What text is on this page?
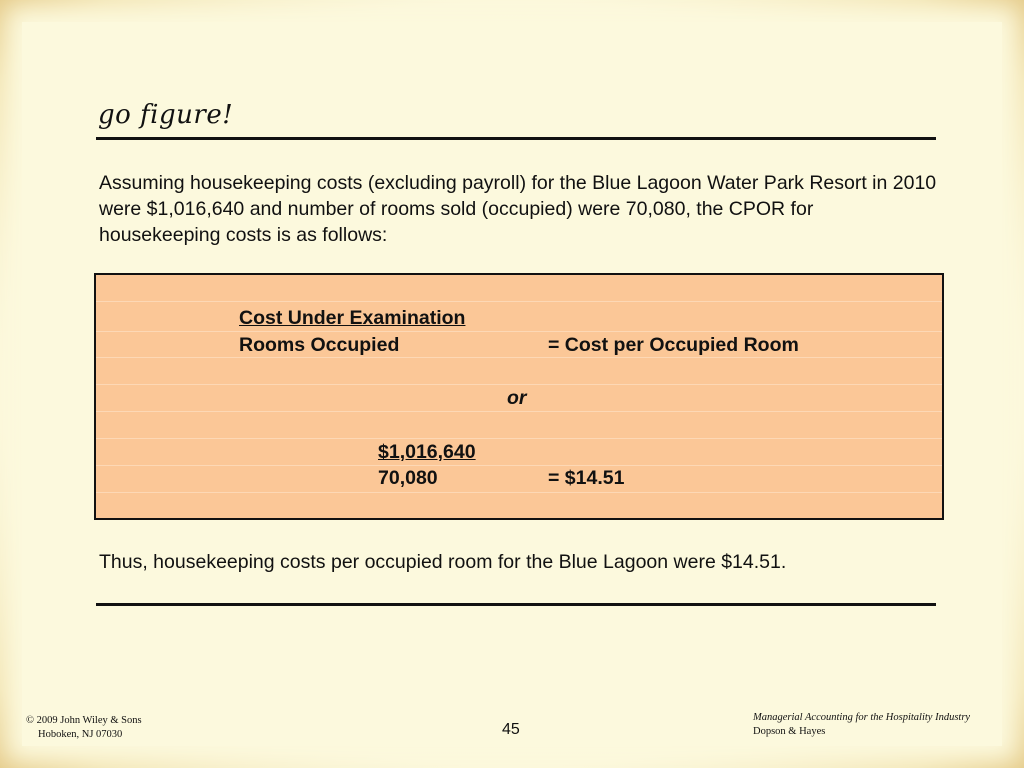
go figure!
Assuming housekeeping costs (excluding payroll) for the Blue Lagoon Water Park Resort in 2010 were $1,016,640 and number of rooms sold (occupied) were 70,080, the CPOR for housekeeping costs is as follows:
Cost Under Examination
Rooms Occupied	= Cost per Occupied Room
or
$1,016,640
70,080	= $14.51
Thus, housekeeping costs per occupied room for the Blue Lagoon were $14.51.
© 2009 John Wiley & Sons
Hoboken, NJ 07030	45
Managerial Accounting for the Hospitality Industry
Dopson & Hayes
